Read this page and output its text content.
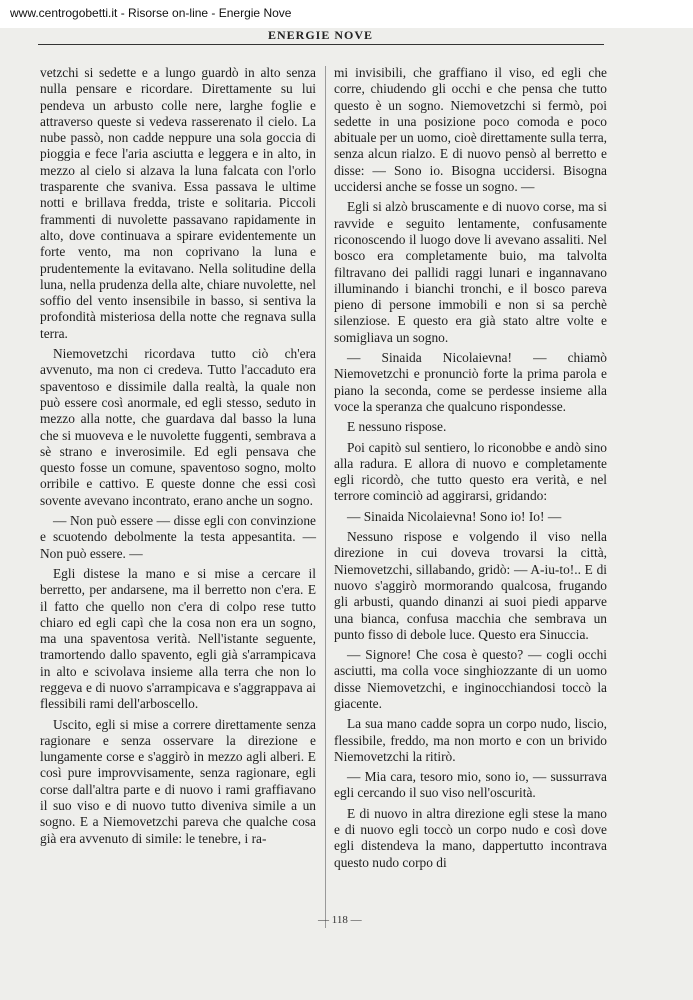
www.centrogobetti.it - Risorse on-line - Energie Nove
ENERGIE NOVE

vetzchi si sedette e a lungo guardò in alto senza nulla pensare e ricordare. Direttamente su lui pendeva un arbusto colle nere, larghe foglie e attraverso queste si vedeva rasserenato il cielo. La nube passò, non cadde neppure una sola goccia di pioggia e fece l'aria asciutta e leggera e in alto, in mezzo al cielo si alzava la luna falcata con l'orlo trasparente che svaniva. Essa passava le ultime notti e brillava fredda, triste e solitaria. Piccoli frammenti di nuvolette passavano rapidamente in alto, dove continuava a spirare evidentemente un forte vento, ma non coprivano la luna e prudentemente la evitavano. Nella solitudine della luna, nella prudenza della alte, chiare nuvolette, nel soffio del vento insensibile in basso, si sentiva la profondità misteriosa della notte che regnava sulla terra.

Niemovetzchi ricordava tutto ciò ch'era avvenuto, ma non ci credeva. Tutto l'accaduto era spaventoso e dissimile dalla realtà, la quale non può essere così anormale, ed egli stesso, seduto in mezzo alla notte, che guardava dal basso la luna che si muoveva e le nuvolette fuggenti, sembrava a sè strano e inverosimile. Ed egli pensava che questo fosse un comune, spaventoso sogno, molto orribile e cattivo. E queste donne che essi così sovente avevano incontrato, erano anche un sogno.

— Non può essere — disse egli con convinzione e scuotendo debolmente la testa appesantita. — Non può essere. —

Egli distese la mano e si mise a cercare il berretto, per andarsene, ma il berretto non c'era. E il fatto che quello non c'era di colpo rese tutto chiaro ed egli capì che la cosa non era un sogno, ma una spaventosa verità. Nell'istante seguente, tramortendo dallo spavento, egli già s'arrampicava in alto e scivolava insieme alla terra che non lo reggeva e di nuovo s'arrampicava e s'aggrappava ai flessibili rami dell'arboscello.

Uscito, egli si mise a correre direttamente senza ragionare e senza osservare la direzione e lungamente corse e s'aggirò in mezzo agli alberi. E così pure improvvisamente, senza ragionare, egli corse dall'altra parte e di nuovo i rami graffiavano il suo viso e di nuovo tutto diveniva simile a un sogno. E a Niemovetzchi pareva che qualche cosa già era avvenuto di simile: le tenebre, i ra-

mi invisibili, che graffiano il viso, ed egli che corre, chiudendo gli occhi e che pensa che tutto questo è un sogno. Niemovetzchi si fermò, poi sedette in una posizione poco comoda e poco abituale per un uomo, cioè direttamente sulla terra, senza alcun rialzo. E di nuovo pensò al berretto e disse: — Sono io. Bisogna uccidersi. Bisogna uccidersi anche se fosse un sogno. —

Egli si alzò bruscamente e di nuovo corse, ma si ravvide e seguito lentamente, confusamente riconoscendo il luogo dove li avevano assaliti. Nel bosco era completamente buio, ma talvolta filtravano dei pallidi raggi lunari e ingannavano illuminando i bianchi tronchi, e il bosco pareva pieno di persone immobili e non si sa perchè silenziose. E questo era già stato altre volte e somigliava un sogno.

— Sinaida Nicolaievna! — chiamò Niemovetzchi e pronunciò forte la prima parola e piano la seconda, come se perdesse insieme alla voce la speranza che qualcuno rispondesse.

E nessuno rispose.

Poi capitò sul sentiero, lo riconobbe e andò sino alla radura. E allora di nuovo e completamente egli ricordò, che tutto questo era verità, e nel terrore cominciò ad aggirarsi, gridando:

— Sinaida Nicolaievna! Sono io! Io! —

Nessuno rispose e volgendo il viso nella direzione in cui doveva trovarsi la città, Niemovetzchi, sillabando, gridò: — A-iu-to!.. E di nuovo s'aggirò mormorando qualcosa, frugando gli arbusti, quando dinanzi ai suoi piedi apparve una bianca, confusa macchia che sembrava un punto fisso di debole luce. Questo era Sinuccia.

— Signore! Che cosa è questo? — cogli occhi asciutti, ma colla voce singhiozzante di un uomo disse Niemovetzchi, e inginocchiandosi toccò la giacente.

La sua mano cadde sopra un corpo nudo, liscio, flessibile, freddo, ma non morto e con un brivido Niemovetzchi la ritirò.

— Mia cara, tesoro mio, sono io, — sussurrava egli cercando il suo viso nell'oscurità.

E di nuovo in altra direzione egli stese la mano e di nuovo egli toccò un corpo nudo e così dove egli distendeva la mano, dappertutto incontrava questo nudo corpo di

— 118 —
